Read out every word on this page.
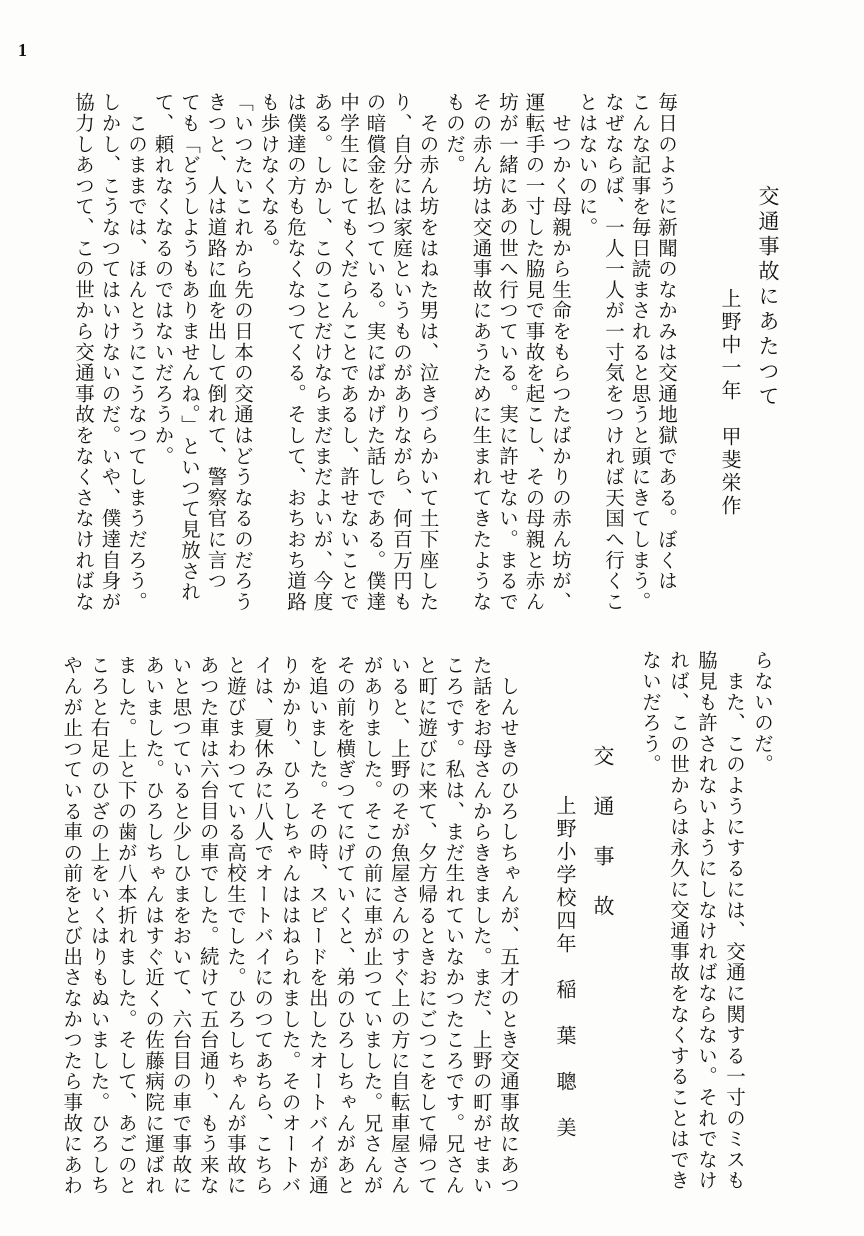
1
交通事故にあたつて
上野中一年　甲斐栄作
毎日のように新聞のなかみは交通地獄である。ぼくは
こんな記事を毎日読まされると思うと頭にきてしまう。
なぜならば、一人一人が一寸気をつければ天国へ行くこ
とはないのに。
　せつかく母親から生命をもらつたばかりの赤ん坊が、
運転手の一寸した脇見で事故を起こし、その母親と赤ん
坊が一緒にあの世へ行つている。実に許せない。まるで
その赤ん坊は交通事故にあうために生まれてきたような
ものだ。
　その赤ん坊をはねた男は、泣きづらかいて土下座した
り、自分には家庭というものがありながら、何百万円も
の暗償金を払つている。実にばかげた話しである。僕達
中学生にしてもくだらんことであるし、許せないことで
ある。しかし、このことだけならまだまだよいが、今度
は僕達の方も危なくなつてくる。そして、おちおち道路
も歩けなくなる。
「いつたいこれから先の日本の交通はどうなるのだろう
きつと、人は道路に血を出して倒れて、警察官に言つ
ても「どうしようもありませんね。」といつて見放され
て、頼れなくなるのではないだろうか。
　このままでは、ほんとうにこうなつてしまうだろう。
しかし、こうなつてはいけないのだ。いや、僕達自身が
協力しあつて、この世から交通事故をなくさなければな
らないのだ。
　また、このようにするには、交通に関する一寸のミスも
脇見も許されないようにしなければならない。それでなけ
れば、この世からは永久に交通事故をなくすることはでき
ないだろう。
交　通　事　故
上野小学校四年　稲　葉　聰　美
　しんせきのひろしちゃんが、五才のとき交通事故にあつ
た話をお母さんからききました。まだ、上野の町がせまい
ころです。私は、まだ生れていなかつたころです。兄さん
と町に遊びに来て、夕方帰るときおにごつこをして帰つて
いると、上野のそが魚屋さんのすぐ上の方に自転車屋さん
がありました。そこの前に車が止つていました。兄さんが
その前を横ぎつてにげていくと、弟のひろしちゃんがあと
を追いました。その時、スピードを出したオートバイが通
りかかり、ひろしちゃんははねられました。そのオートバ
イは、夏休みに八人でオートバイにのつてあちら、こちら
と遊びまわつている高校生でした。ひろしちゃんが事故に
あつた車は六台目の車でした。続けて五台通り、もう来な
いと思つていると少しひまをおいて、六台目の車で事故に
あいました。ひろしちゃんはすぐ近くの佐藤病院に運ばれ
ました。上と下の歯が八本折れました。そして、あごのと
ころと右足のひざの上をいくはりもぬいました。ひろしち
やんが止つている車の前をとび出さなかつたら事故にあわ
